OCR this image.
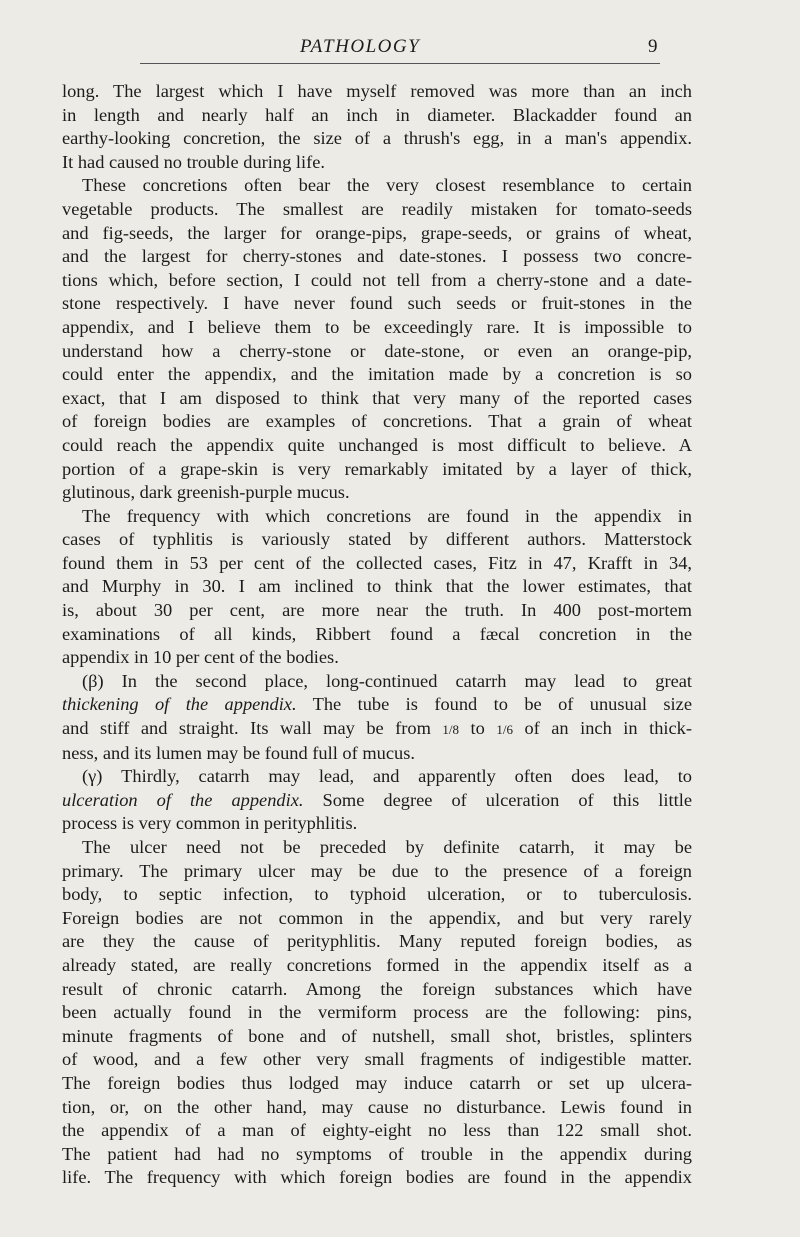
PATHOLOGY	9
long. The largest which I have myself removed was more than an inch
in length and nearly half an inch in diameter. Blackadder found an
earthy-looking concretion, the size of a thrush's egg, in a man's appendix.
It had caused no trouble during life.
These concretions often bear the very closest resemblance to certain
vegetable products. The smallest are readily mistaken for tomato-seeds
and fig-seeds, the larger for orange-pips, grape-seeds, or grains of wheat,
and the largest for cherry-stones and date-stones. I possess two concre-
tions which, before section, I could not tell from a cherry-stone and a date-
stone respectively. I have never found such seeds or fruit-stones in the
appendix, and I believe them to be exceedingly rare. It is impossible to
understand how a cherry-stone or date-stone, or even an orange-pip,
could enter the appendix, and the imitation made by a concretion is so
exact, that I am disposed to think that very many of the reported cases
of foreign bodies are examples of concretions. That a grain of wheat
could reach the appendix quite unchanged is most difficult to believe. A
portion of a grape-skin is very remarkably imitated by a layer of thick,
glutinous, dark greenish-purple mucus.
The frequency with which concretions are found in the appendix in
cases of typhlitis is variously stated by different authors. Matterstock
found them in 53 per cent of the collected cases, Fitz in 47, Krafft in 34,
and Murphy in 30. I am inclined to think that the lower estimates, that
is, about 30 per cent, are more near the truth. In 400 post-mortem
examinations of all kinds, Ribbert found a fæcal concretion in the
appendix in 10 per cent of the bodies.
(β) In the second place, long-continued catarrh may lead to great
thickening of the appendix. The tube is found to be of unusual size
and stiff and straight. Its wall may be from 1/8 to 1/6 of an inch in thick-
ness, and its lumen may be found full of mucus.
(γ) Thirdly, catarrh may lead, and apparently often does lead, to
ulceration of the appendix. Some degree of ulceration of this little
process is very common in perityphlitis.
The ulcer need not be preceded by definite catarrh, it may be
primary. The primary ulcer may be due to the presence of a foreign
body, to septic infection, to typhoid ulceration, or to tuberculosis.
Foreign bodies are not common in the appendix, and but very rarely
are they the cause of perityphlitis. Many reputed foreign bodies, as
already stated, are really concretions formed in the appendix itself as a
result of chronic catarrh. Among the foreign substances which have
been actually found in the vermiform process are the following: pins,
minute fragments of bone and of nutshell, small shot, bristles, splinters
of wood, and a few other very small fragments of indigestible matter.
The foreign bodies thus lodged may induce catarrh or set up ulcera-
tion, or, on the other hand, may cause no disturbance. Lewis found in
the appendix of a man of eighty-eight no less than 122 small shot.
The patient had had no symptoms of trouble in the appendix during
life. The frequency with which foreign bodies are found in the appendix
